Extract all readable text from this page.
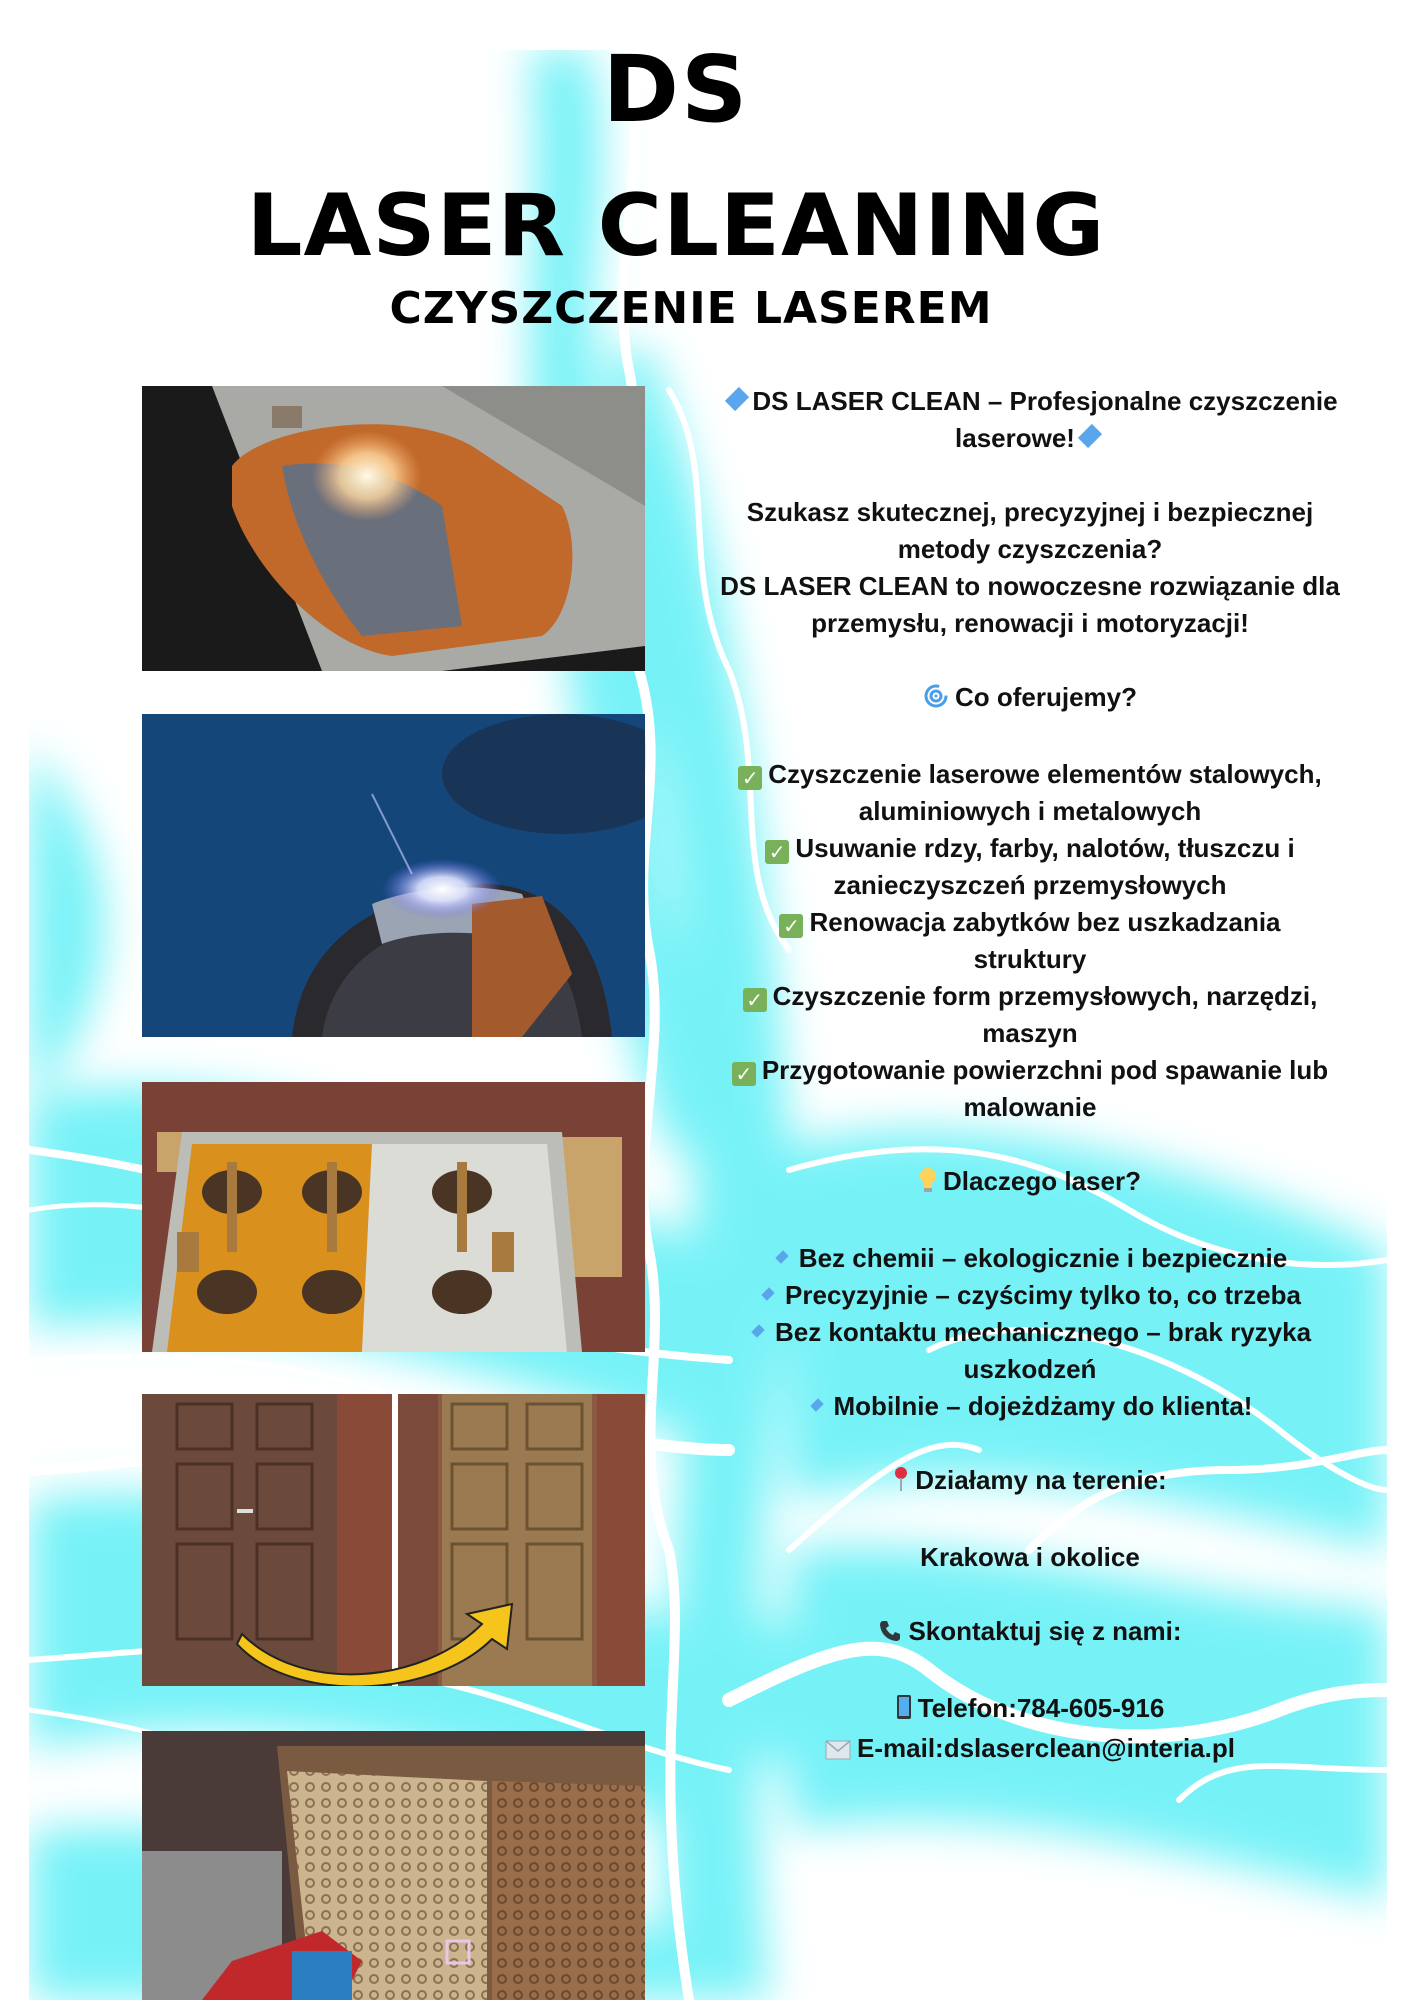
DS
LASER CLEANING
CZYSZCZENIE LASEREM

DS LASER CLEAN – Profesjonalne czyszczenie

laserowe!

Szukasz skutecznej, precyzyjnej i bezpiecznej

metody czyszczenia?

DS LASER CLEAN to nowoczesne rozwiązanie dla

przemysłu, renowacji i motoryzacji!

Co oferujemy?

✓ Czyszczenie laserowe elementów stalowych,

aluminiowych i metalowych

✓ Usuwanie rdzy, farby, nalotów, tłuszczu i

zanieczyszczeń przemysłowych

✓ Renowacja zabytków bez uszkadzania

struktury

✓ Czyszczenie form przemysłowych, narzędzi,

maszyn

✓ Przygotowanie powierzchni pod spawanie lub

malowanie

Dlaczego laser?

Bez chemii – ekologicznie i bezpiecznie

Precyzyjnie – czyścimy tylko to, co trzeba

Bez kontaktu mechanicznego – brak ryzyka

uszkodzeń

Mobilnie – dojeżdżamy do klienta!

Działamy na terenie:

Krakowa i okolice

Skontaktuj się z nami:

Telefon:784-605-916

E-mail:dslaserclean@interia.pl
